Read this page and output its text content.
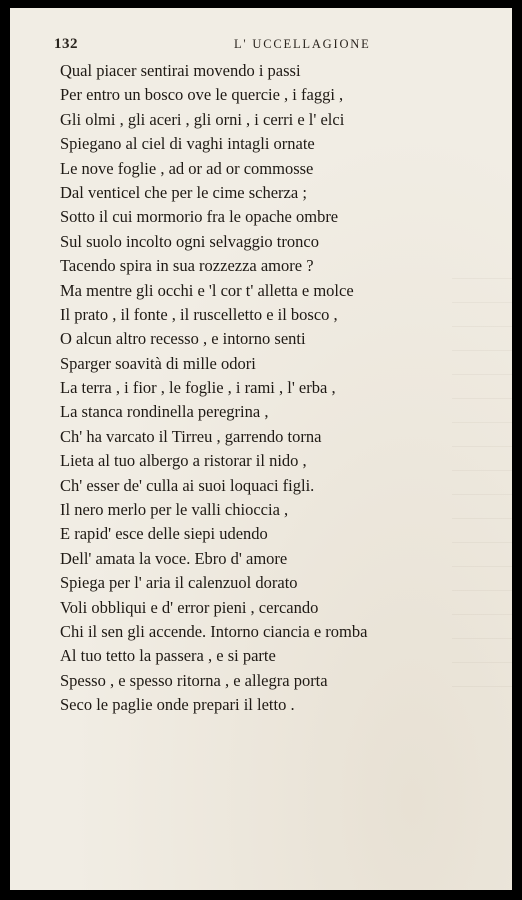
132	L' UCCELLAGIONE
Qual piacer sentirai movendo i passi
Per entro un bosco ove le quercie , i faggi ,
Gli olmi , gli aceri , gli orni , i cerri e l' elci
Spiegano al ciel di vaghi intagli ornate
Le nove foglie , ad or ad or commosse
Dal venticel che per le cime scherza ;
Sotto il cui mormorio fra le opache ombre
Sul suolo incolto ogni selvaggio tronco
Tacendo spira in sua rozzezza amore ?
Ma mentre gli occhi e 'l cor t' alletta e molce
Il prato , il fonte , il ruscelletto e il bosco ,
O alcun altro recesso , e intorno senti
Sparger soavità di mille odori
La terra , i fior , le foglie , i rami , l' erba ,
La stanca rondinella peregrina ,
Ch' ha varcato il Tirreu , garrendo torna
Lieta al tuo albergo a ristorar il nido ,
Ch' esser de' culla ai suoi loquaci figli.
Il nero merlo per le valli chioccia ,
E rapid' esce delle siepi udendo
Dell' amata la voce. Ebro d' amore
Spiega per l' aria il calenzuol dorato
Voli obbliqui e d' error pieni , cercando
Chi il sen gli accende. Intorno ciancia e romba
Al tuo tetto la passera , e si parte
Spesso , e spesso ritorna , e allegra porta
Seco le paglie onde prepari il letto .
